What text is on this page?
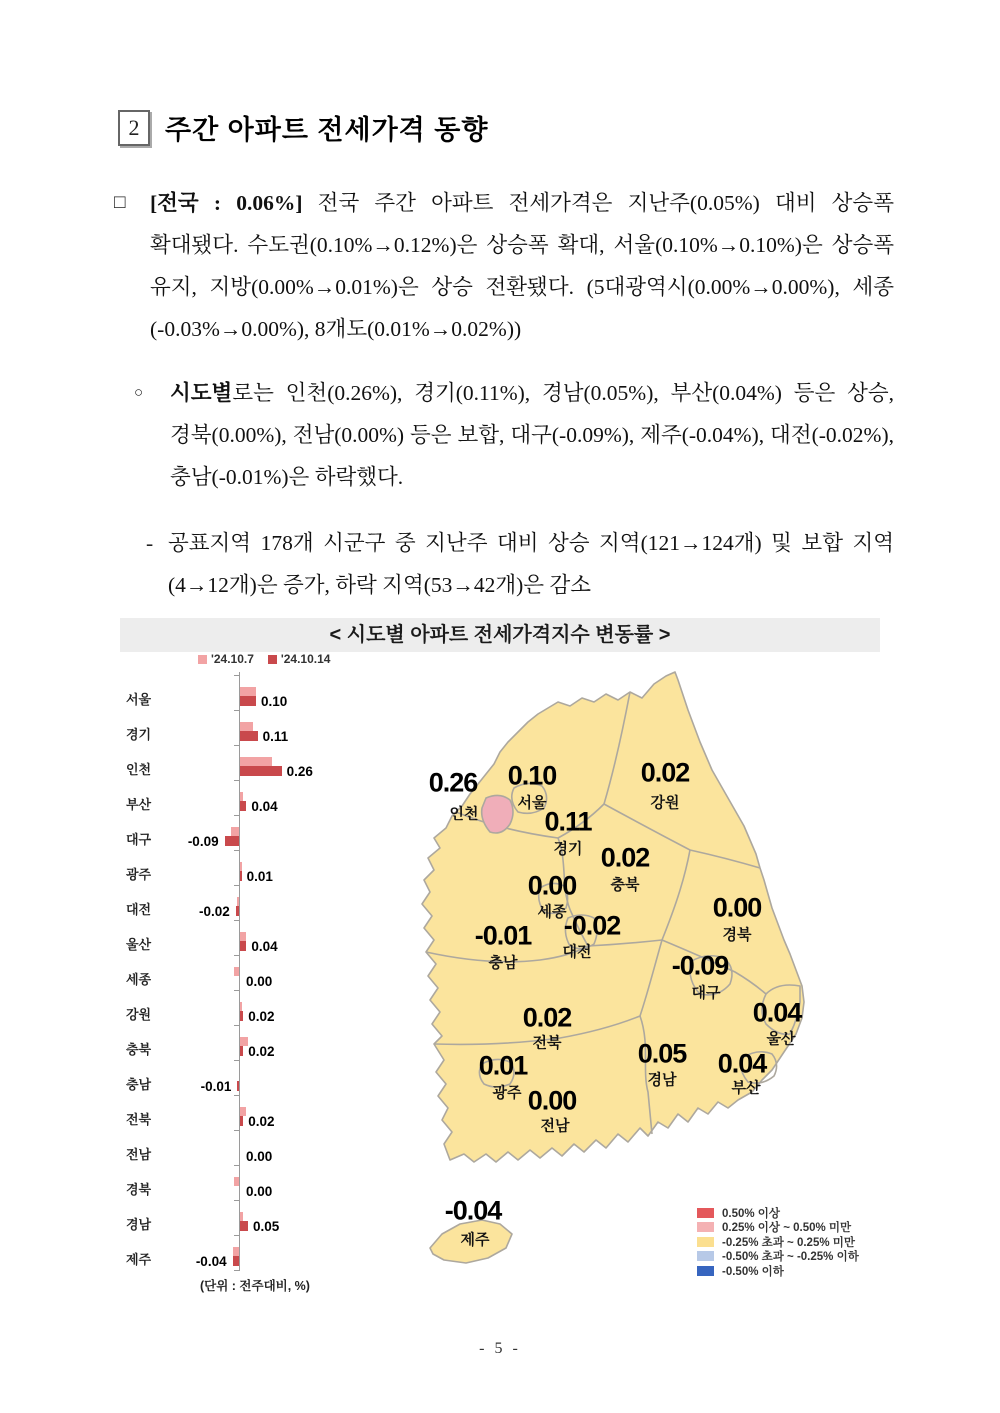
2 주간 아파트 전세가격 동향
□	[전국 : 0.06%] 전국 주간 아파트 전세가격은 지난주(0.05%) 대비 상승폭 확대됐다. 수도권(0.10%→0.12%)은 상승폭 확대, 서울(0.10%→0.10%)은 상승폭 유지, 지방(0.00%→0.01%)은 상승 전환됐다. (5대광역시(0.00%→0.00%), 세종(-0.03%→0.00%), 8개도(0.01%→0.02%))

○	시도별로는 인천(0.26%), 경기(0.11%), 경남(0.05%), 부산(0.04%) 등은 상승, 경북(0.00%), 전남(0.00%) 등은 보합, 대구(-0.09%), 제주(-0.04%), 대전(-0.02%), 충남(-0.01%)은 하락했다.

- 공표지역 178개 시군구 중 지난주 대비 상승 지역(121→124개) 및 보합 지역(4→12개)은 증가, 하락 지역(53→42개)은 감소

< 시도별 아파트 전세가격지수 변동률 >
'24.10.7 '24.10.14
서울	0.10
경기	0.11
인천	0.26
부산	0.04
대구	-0.09
광주	0.01
대전	-0.02
울산	0.04
세종	0.00
강원	0.02
충북	0.02
충남	-0.01
전북	0.02
전남	0.00
경북	0.00
경남	0.05
제주	-0.04
(단위 : 전주대비, %)
0.26
인천
0.10
서울
0.02
강원
0.11
경기 0.02
충북
0.00
세종
-0.02
대전
-0.01
충남
0.00
경북
-0.09
대구
0.04
울산
0.02
전북	0.05
경남
0.04
부산
0.01
광주 0.00
전남
-0.04
제주
0.50% 이상
0.25% 이상 ~ 0.50% 미만
-0.25% 초과 ~ 0.25% 미만
-0.50% 초과 ~ -0.25% 이하
-0.50% 이하
- 5 -
